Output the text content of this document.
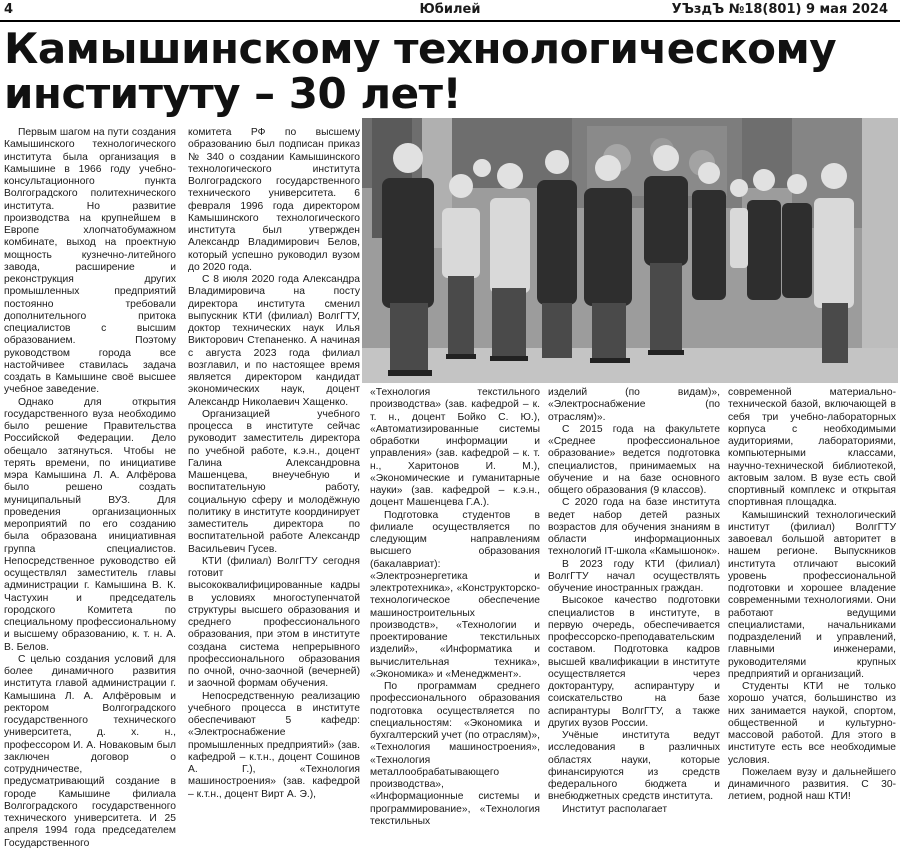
4	Юбилей	УЪздЪ №18(801) 9 мая 2024
Камышинскому технологическому институту – 30 лет!

Первым шагом на пути создания Камышинского технологического института была организация в Камышине в 1966 году учебно-консультационного пункта Волгоградского политехнического института. Но развитие производства на крупнейшем в Европе хлопчатобумажном комбинате, выход на проектную мощность кузнечно-литейного завода, расширение и реконструкция других промышленных предприятий постоянно требовали дополнительного притока специалистов с высшим образованием. Поэтому руководством города все настойчивее ставилась задача создать в Камышине своё высшее учебное заведение.

Однако для открытия государственного вуза необходимо было решение Правительства Российской Федерации. Дело обещало затянуться. Чтобы не терять времени, по инициативе мэра Камышина Л. А. Алфёрова было решено создать муниципальный ВУЗ. Для проведения организационных мероприятий по его созданию была образована инициативная группа специалистов. Непосредственное руководство ей осуществлял заместитель главы администрации г. Камышина В. К. Частухин и председатель городского Комитета по специальному профессиональному и высшему образованию, к. т. н. А. В. Белов.

С целью создания условий для более динамичного развития института главой администрации г. Камышина Л. А. Алфёровым и ректором Волгоградского государственного технического университета, д. х. н., профессором И. А. Новаковым был заключен договор о сотрудничестве, предусматривающий создание в городе Камышине филиала Волгоградского государственного технического университета. И 25 апреля 1994 года председателем Государственного

комитета РФ по высшему образованию был подписан приказ № 340 о создании Камышинского технологического института Волгоградского государственного технического университета. 6 февраля 1996 года директором Камышинского технологического института был утвержден Александр Владимирович Белов, который успешно руководил вузом до 2020 года.

С 8 июля 2020 года Александра Владимировича на посту директора института сменил выпускник КТИ (филиал) ВолгГТУ, доктор технических наук Илья Викторович Степаненко. А начиная с августа 2023 года филиал возглавил, и по настоящее время является директором кандидат экономических наук, доцент Александр Николаевич Хащенко.

Организацией учебного процесса в институте сейчас руководит заместитель директора по учебной работе, к.э.н., доцент Галина Александровна Машенцева, внеучебную и воспитательную работу, социальную сферу и молодёжную политику в институте координирует заместитель директора по воспитательной работе Александр Васильевич Гусев.

КТИ (филиал) ВолгГТУ сегодня готовит высококвалифицированные кадры в условиях многоступенчатой структуры высшего образования и среднего профессионального образования, при этом в институте создана система непрерывного профессионального образования по очной, очно-заочной (вечерней) и заочной формам обучения.

Непосредственную реализацию учебного процесса в институте обеспечивают 5 кафедр: «Электроснабжение промышленных предприятий» (зав. кафедрой – к.т.н., доцент Сошинов А. Г.), «Технология машиностроения» (зав. кафедрой – к.т.н., доцент Вирт А. Э.),

«Технология текстильного производства» (зав. кафедрой – к. т. н., доцент Бойко С. Ю.), «Автоматизированные системы обработки информации и управления» (зав. кафедрой – к. т. н., Харитонов И. М.), «Экономические и гуманитарные науки» (зав. кафедрой – к.э.н., доцент Машенцева Г.А.).

Подготовка студентов в филиале осуществляется по следующим направлениям высшего образования (бакалавриат): «Электроэнергетика и электротехника», «Конструкторско-технологическое обеспечение машиностроительных производств», «Технологии и проектирование текстильных изделий», «Информатика и вычислительная техника», «Экономика» и «Менеджмент».

По программам среднего профессионального образования подготовка осуществляется по специальностям: «Экономика и бухгалтерский учет (по отраслям)», «Технология машиностроения», «Технология металлообрабатывающего производства», «Информационные системы и программирование», «Технология текстильных

изделий (по видам)», «Электроснабжение (по отраслям)».

С 2015 года на факультете «Среднее профессиональное образование» ведется подготовка специалистов, принимаемых на обучение и на базе основного общего образования (9 классов).

С 2020 года на базе института ведет набор детей разных возрастов для обучения знаниям в области информационных технологий IT-школа «Камышонок».

В 2023 году КТИ (филиал) ВолгГТУ начал осуществлять обучение иностранных граждан.

Высокое качество подготовки специалистов в институте, в первую очередь, обеспечивается профессорско-преподавательским составом. Подготовка кадров высшей квалификации в институте осуществляется через докторантуру, аспирантуру и соискательство на базе аспирантуры ВолгГТУ, а также других вузов России.

Учёные института ведут исследования в различных областях науки, которые финансируются из средств федерального бюджета и внебюджетных средств института.

Институт располагает

современной материально-технической базой, включающей в себя три учебно-лабораторных корпуса с необходимыми аудиториями, лабораториями, компьютерными классами, научно-технической библиотекой, актовым залом. В вузе есть свой спортивный комплекс и открытая спортивная площадка.

Камышинский технологический институт (филиал) ВолгГТУ завоевал большой авторитет в нашем регионе. Выпускников института отличают высокий уровень профессиональной подготовки и хорошее владение современными технологиями. Они работают ведущими специалистами, начальниками подразделений и управлений, главными инженерами, руководителями крупных предприятий и организаций.

Студенты КТИ не только хорошо учатся, большинство из них занимается наукой, спортом, общественной и культурно-массовой работой. Для этого в институте есть все необходимые условия.

Пожелаем вузу и дальнейшего динамичного развития. С 30-летием, родной наш КТИ!
